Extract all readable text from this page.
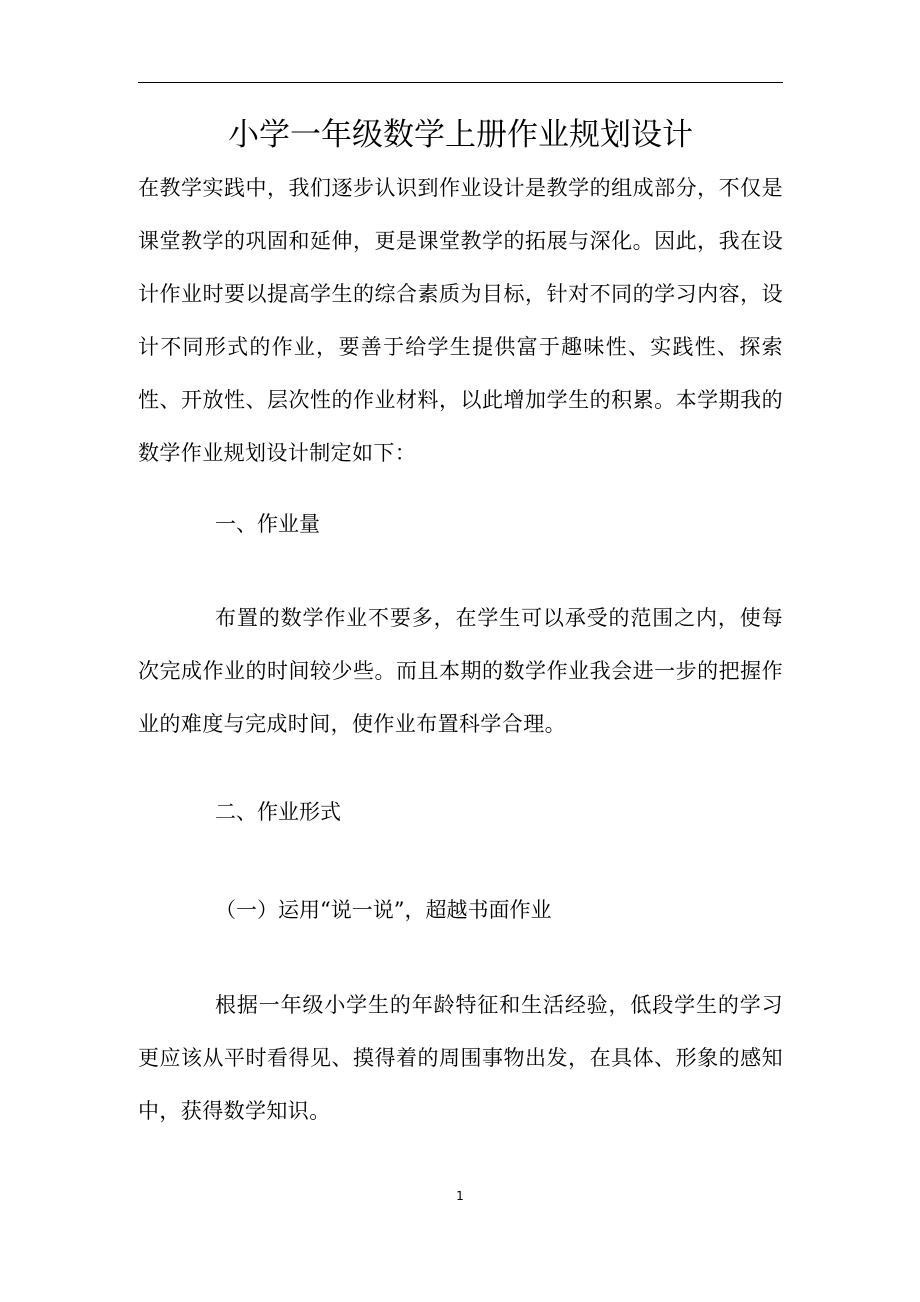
小学一年级数学上册作业规划设计

在教学实践中，我们逐步认识到作业设计是教学的组成部分，不仅是课堂教学的巩固和延伸，更是课堂教学的拓展与深化。因此，我在设计作业时要以提高学生的综合素质为目标，针对不同的学习内容，设计不同形式的作业，要善于给学生提供富于趣味性、实践性、探索性、开放性、层次性的作业材料，以此增加学生的积累。本学期我的数学作业规划设计制定如下：

一、作业量

布置的数学作业不要多，在学生可以承受的范围之内，使每次完成作业的时间较少些。而且本期的数学作业我会进一步的把握作业的难度与完成时间，使作业布置科学合理。

二、作业形式

（一）运用“说一说”，超越书面作业

根据一年级小学生的年龄特征和生活经验，低段学生的学习更应该从平时看得见、摸得着的周围事物出发，在具体、形象的感知中，获得数学知识。

1
